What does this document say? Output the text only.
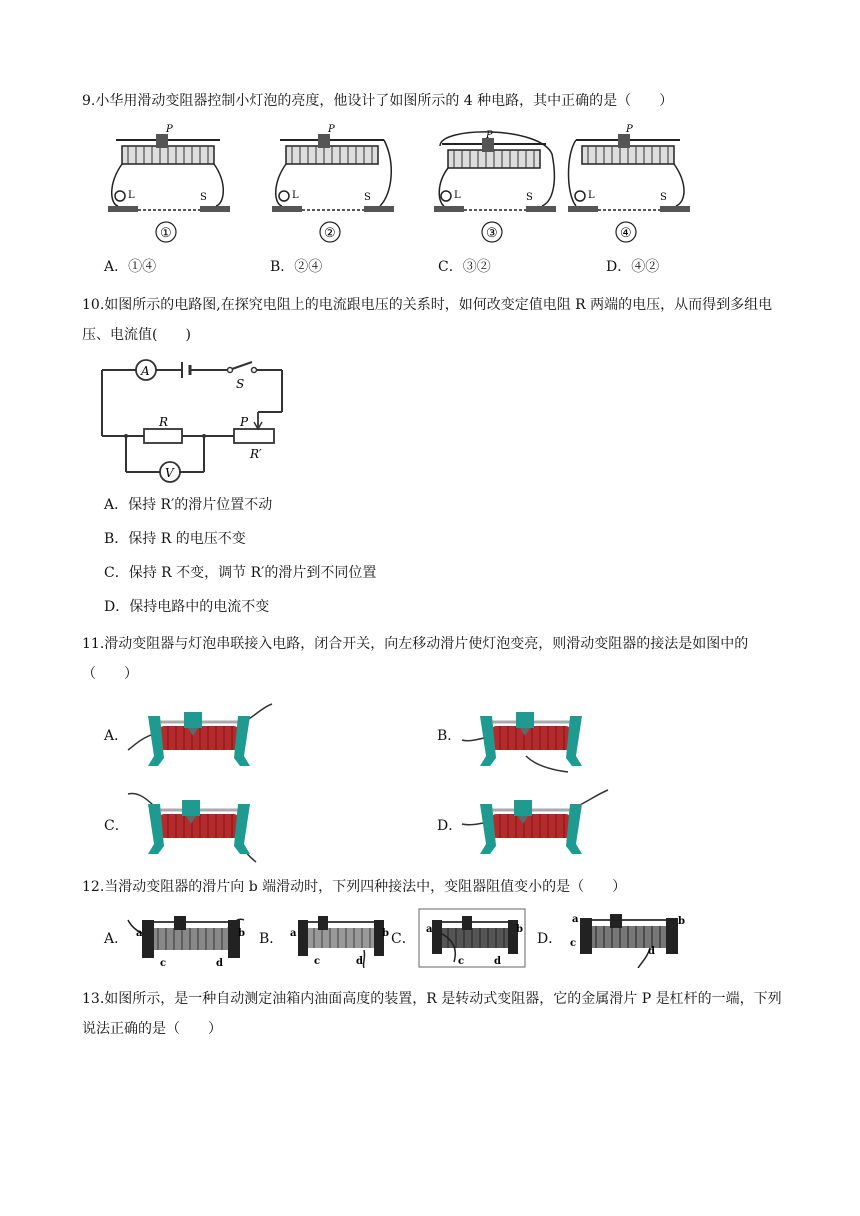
9.小华用滑动变阻器控制小灯泡的亮度，他设计了如图所示的 4 种电路，其中正确的是（　　）
P
L	S
①
P
L	S
②
P
L	S
③
P
L	S
④
A．①④	B．②④	C．③②	D．④②
10.如图所示的电路图,在探究电阻上的电流跟电压的关系时，如何改变定值电阻 R 两端的电压，从而得到多组电压、电流值(　　)
A
S
R	P
R′
V
A．保持 R′的滑片位置不动
B．保持 R 的电压不变
C．保持 R 不变，调节 R′的滑片到不同位置
D．保持电路中的电流不变
11.滑动变阻器与灯泡串联接入电路，闭合开关，向左移动滑片使灯泡变亮，则滑动变阻器的接法是如图中的（　　）
A．	B．
C．	D．
12.当滑动变阻器的滑片向 b 端滑动时，下列四种接法中，变阻器阻值变小的是（　　）
A． a	b
c	d
B． a	b
c	d
C．
a	b
c	d
D．
a	b
c
d
13.如图所示，是一种自动测定油箱内油面高度的装置，R 是转动式变阻器，它的金属滑片 P 是杠杆的一端，下列说法正确的是（　　）
